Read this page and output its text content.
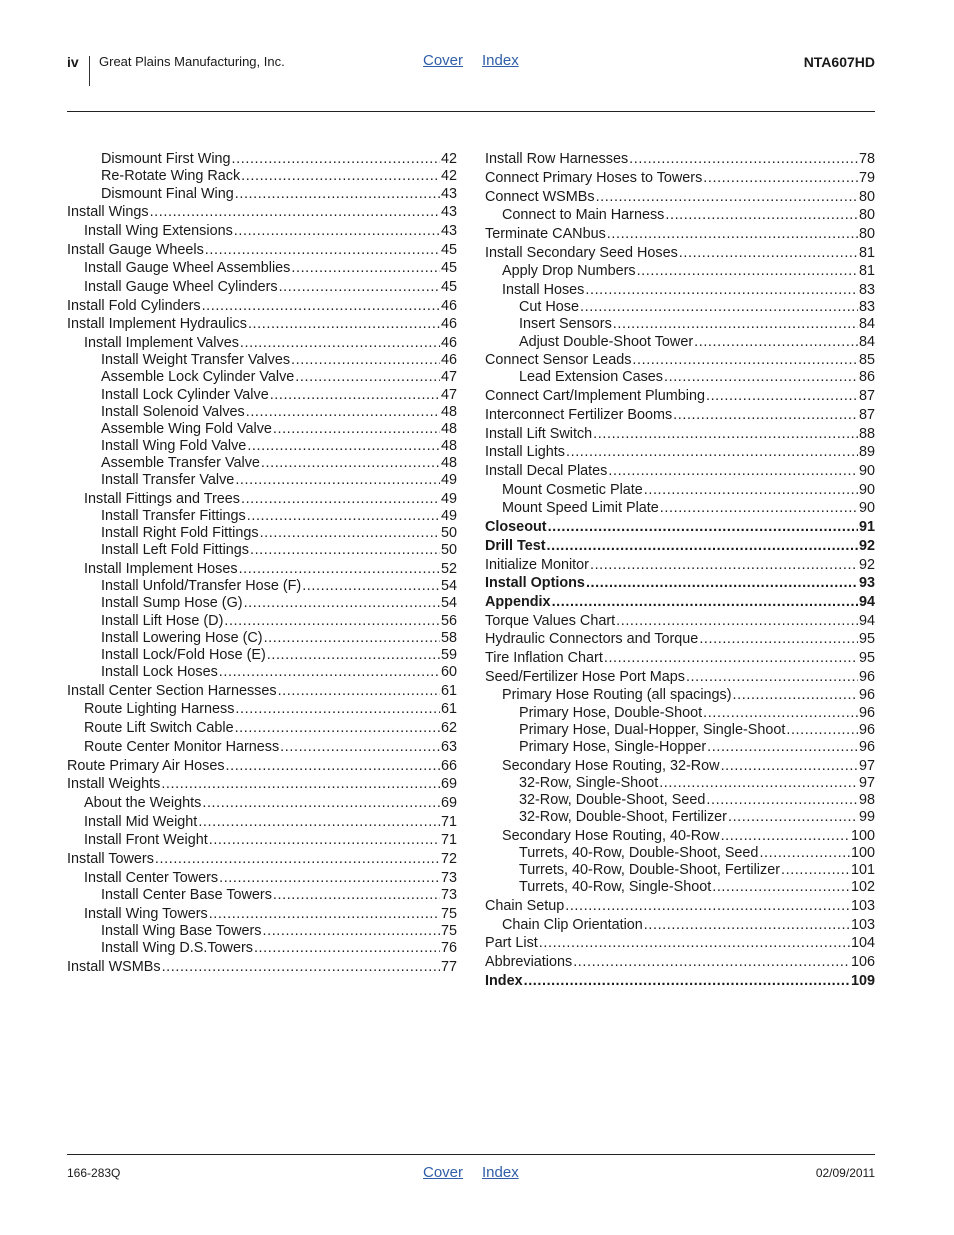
iv Great Plains Manufacturing, Inc.	Cover Index	NTA607HD
Dismount First Wing .....	42
Re-Rotate Wing Rack .....	42
Dismount Final Wing .....	43
Install Wings .....	43
Install Wing Extensions .....	43
Install Gauge Wheels .....	45
Install Gauge Wheel Assemblies .....	45
Install Gauge Wheel Cylinders .....	45
Install Fold Cylinders .....	46
Install Implement Hydraulics .....	46
Install Implement Valves .....	46
Install Weight Transfer Valves .....	46
Assemble Lock Cylinder Valve .....	47
Install Lock Cylinder Valve .....	47
Install Solenoid Valves .....	48
Assemble Wing Fold Valve .....	48
Install Wing Fold Valve .....	48
Assemble Transfer Valve .....	48
Install Transfer Valve .....	49
Install Fittings and Trees .....	49
Install Transfer Fittings .....	49
Install Right Fold Fittings .....	50
Install Left Fold Fittings .....	50
Install Implement Hoses .....	52
Install Unfold/Transfer Hose (F) .....	54
Install Sump Hose (G) .....	54
Install Lift Hose (D) .....	56
Install Lowering Hose (C) .....	58
Install Lock/Fold Hose (E) .....	59
Install Lock Hoses .....	60
Install Center Section Harnesses .....	61
Route Lighting Harness .....	61
Route Lift Switch Cable .....	62
Route Center Monitor Harness .....	63
Route Primary Air Hoses .....	66
Install Weights .....	69
About the Weights .....	69
Install Mid Weight .....	71
Install Front Weight .....	71
Install Towers .....	72
Install Center Towers .....	73
Install Center Base Towers .....	73
Install Wing Towers .....	75
Install Wing Base Towers .....	75
Install Wing D.S.Towers .....	76
Install WSMBs .....	77
Install Row Harnesses .....	78
Connect Primary Hoses to Towers .....	79
Connect WSMBs .....	80
Connect to Main Harness .....	80
Terminate CANbus .....	80
Install Secondary Seed Hoses .....	81
Apply Drop Numbers .....	81
Install Hoses .....	83
Cut Hose .....	83
Insert Sensors .....	84
Adjust Double-Shoot Tower .....	84
Connect Sensor Leads .....	85
Lead Extension Cases .....	86
Connect Cart/Implement Plumbing .....	87
Interconnect Fertilizer Booms .....	87
Install Lift Switch .....	88
Install Lights .....	89
Install Decal Plates .....	90
Mount Cosmetic Plate .....	90
Mount Speed Limit Plate .....	90
Closeout .....	91
Drill Test .....	92
Initialize Monitor .....	92
Install Options .....	93
Appendix .....	94
Torque Values Chart .....	94
Hydraulic Connectors and Torque .....	95
Tire Inflation Chart .....	95
Seed/Fertilizer Hose Port Maps .....	96
Primary Hose Routing (all spacings) .....	96
Primary Hose, Double-Shoot .....	96
Primary Hose, Dual-Hopper, Single-Shoot .....	96
Primary Hose, Single-Hopper .....	96
Secondary Hose Routing, 32-Row .....	97
32-Row, Single-Shoot .....	97
32-Row, Double-Shoot, Seed .....	98
32-Row, Double-Shoot, Fertilizer .....	99
Secondary Hose Routing, 40-Row .....	100
Turrets, 40-Row, Double-Shoot, Seed .....	100
Turrets, 40-Row, Double-Shoot, Fertilizer .....	101
Turrets, 40-Row, Single-Shoot .....	102
Chain Setup .....	103
Chain Clip Orientation .....	103
Part List .....	104
Abbreviations .....	106
Index .....	109
166-283Q	Cover Index	02/09/2011
